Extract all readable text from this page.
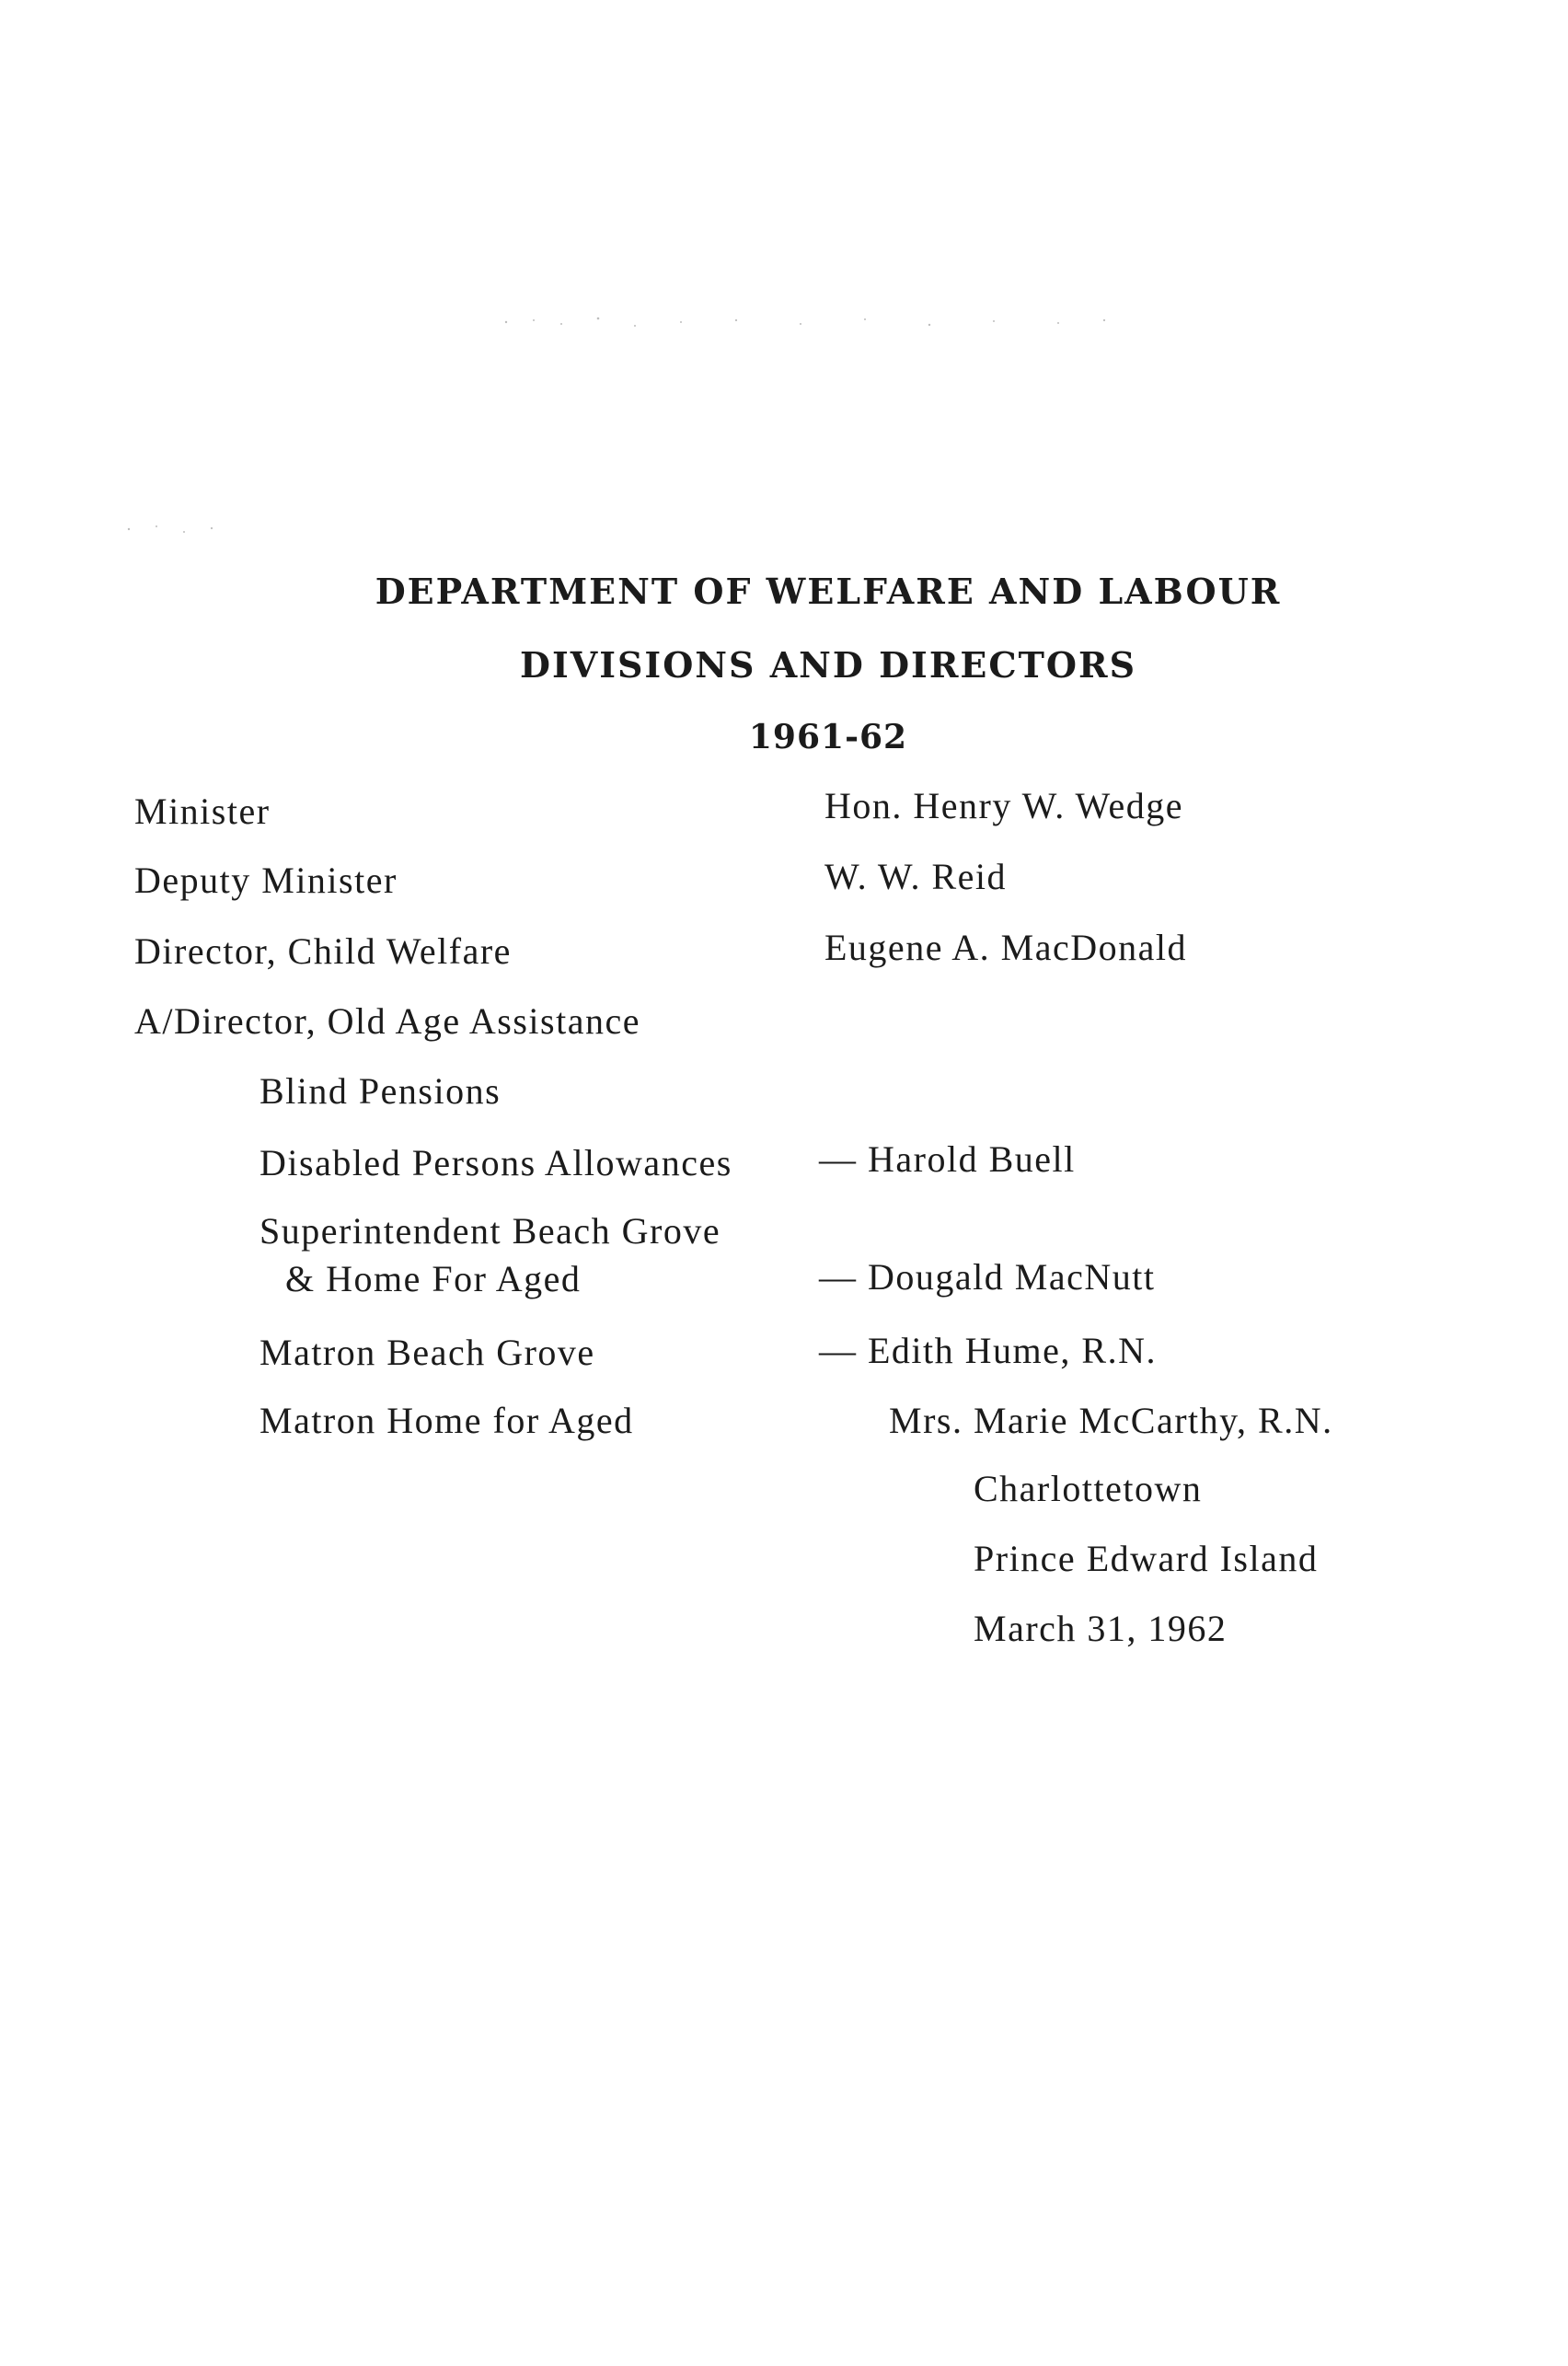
DEPARTMENT OF WELFARE AND LABOUR
DIVISIONS AND DIRECTORS
1961-62
Minister	Hon. Henry W. Wedge
Deputy Minister	W. W. Reid
Director, Child Welfare	Eugene A. MacDonald
A/Director, Old Age Assistance
Blind Pensions
Disabled Persons Allowances — Harold Buell
Superintendent Beach Grove
& Home For Aged	— Dougald MacNutt
Matron Beach Grove	— Edith Hume, R.N.
Matron Home for Aged	Mrs. Marie McCarthy, R.N.
Charlottetown
Prince Edward Island
March 31, 1962
